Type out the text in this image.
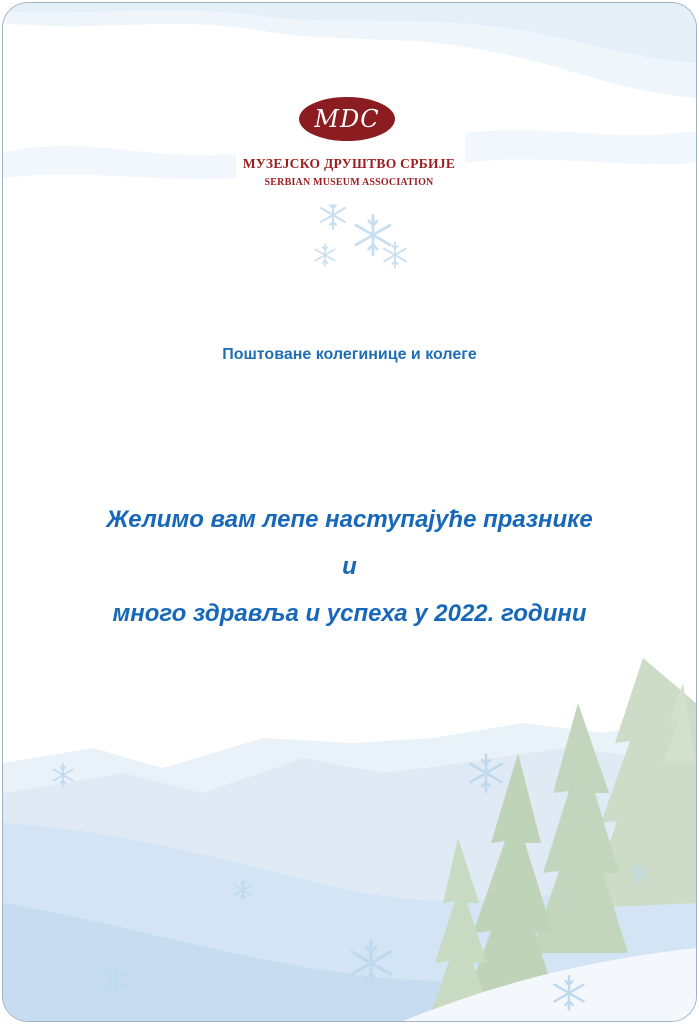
MDC
МУЗЕЈСКО ДРУШТВО СРБИЈЕ
SERBIAN MUSEUM ASSOCIATION
Поштоване колегинице и колеге
Желимо вам лепе наступајуће празнике
и
много здравља и успеха у 2022. години
